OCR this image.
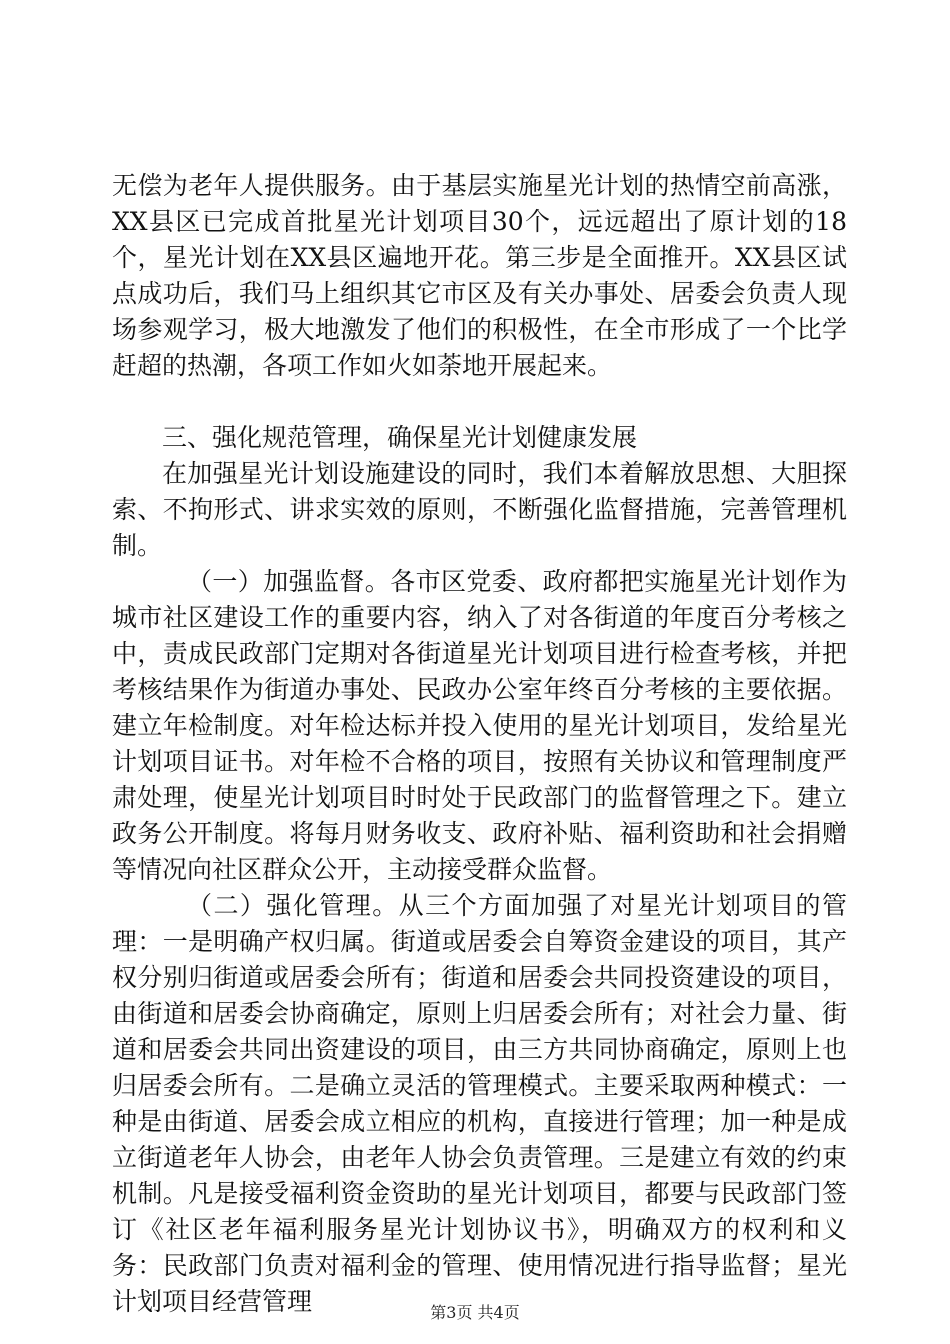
无偿为老年人提供服务。由于基层实施星光计划的热情空前高涨，XX县区已完成首批星光计划项目30个，远远超出了原计划的18个，星光计划在XX县区遍地开花。第三步是全面推开。XX县区试点成功后，我们马上组织其它市区及有关办事处、居委会负责人现场参观学习，极大地激发了他们的积极性，在全市形成了一个比学赶超的热潮，各项工作如火如荼地开展起来。

三、强化规范管理，确保星光计划健康发展

在加强星光计划设施建设的同时，我们本着解放思想、大胆探索、不拘形式、讲求实效的原则，不断强化监督措施，完善管理机制。

（一）加强监督。各市区党委、政府都把实施星光计划作为城市社区建设工作的重要内容，纳入了对各街道的年度百分考核之中，责成民政部门定期对各街道星光计划项目进行检查考核，并把考核结果作为街道办事处、民政办公室年终百分考核的主要依据。建立年检制度。对年检达标并投入使用的星光计划项目，发给星光计划项目证书。对年检不合格的项目，按照有关协议和管理制度严肃处理，使星光计划项目时时处于民政部门的监督管理之下。建立政务公开制度。将每月财务收支、政府补贴、福利资助和社会捐赠等情况向社区群众公开，主动接受群众监督。

（二）强化管理。从三个方面加强了对星光计划项目的管理：一是明确产权归属。街道或居委会自筹资金建设的项目，其产权分别归街道或居委会所有；街道和居委会共同投资建设的项目，由街道和居委会协商确定，原则上归居委会所有；对社会力量、街道和居委会共同出资建设的项目，由三方共同协商确定，原则上也归居委会所有。二是确立灵活的管理模式。主要采取两种模式：一种是由街道、居委会成立相应的机构，直接进行管理；加一种是成立街道老年人协会，由老年人协会负责管理。三是建立有效的约束机制。凡是接受福利资金资助的星光计划项目，都要与民政部门签订《社区老年福利服务星光计划协议书》，明确双方的权利和义务：民政部门负责对福利金的管理、使用情况进行指导监督；星光计划项目经营管理	第3页 共4页
